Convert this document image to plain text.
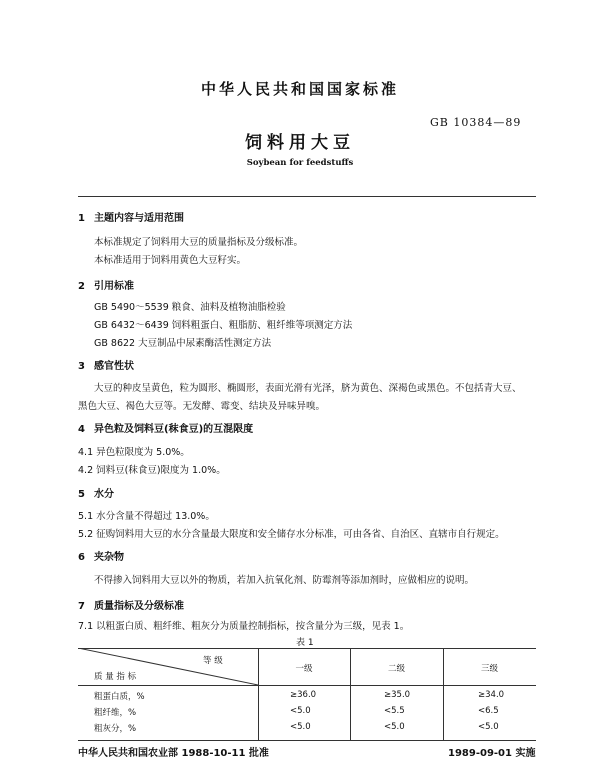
中华人民共和国国家标准
GB 10384—89
饲料用大豆
Soybean for feedstuffs
1 主题内容与适用范围
本标准规定了饲料用大豆的质量指标及分级标准。
本标准适用于饲料用黄色大豆籽实。
2 引用标准
GB 5490～5539 粮食、油料及植物油脂检验
GB 6432～6439 饲料粗蛋白、粗脂肪、粗纤维等项测定方法
GB 8622 大豆制品中尿素酶活性测定方法
3 感官性状
大豆的种皮呈黄色，粒为圆形、椭圆形，表面光滑有光泽，脐为黄色、深褐色或黑色。不包括青大豆、
黑色大豆、褐色大豆等。无发酵、霉变、结块及异味异嗅。
4 异色粒及饲料豆(秣食豆)的互混限度
4.1 异色粒限度为 5.0%。
4.2 饲料豆(秣食豆)限度为 1.0%。
5 水分
5.1 水分含量不得超过 13.0%。
5.2 征购饲料用大豆的水分含量最大限度和安全储存水分标准，可由各省、自治区、直辖市自行规定。
6 夹杂物
不得掺入饲料用大豆以外的物质，若加入抗氧化剂、防霉剂等添加剂时，应做相应的说明。
7 质量指标及分级标准
7.1 以粗蛋白质、粗纤维、粗灰分为质量控制指标，按含量分为三级，见表 1。
表 1
等 级
质 量 指 标
一级	二级	三级
粗蛋白质，%	≥36.0	≥35.0	≥34.0
粗纤维，%	<5.0	<5.5	<6.5
粗灰分，%	<5.0	<5.0	<5.0
中华人民共和国农业部 1988-10-11 批准	1989-09-01 实施
